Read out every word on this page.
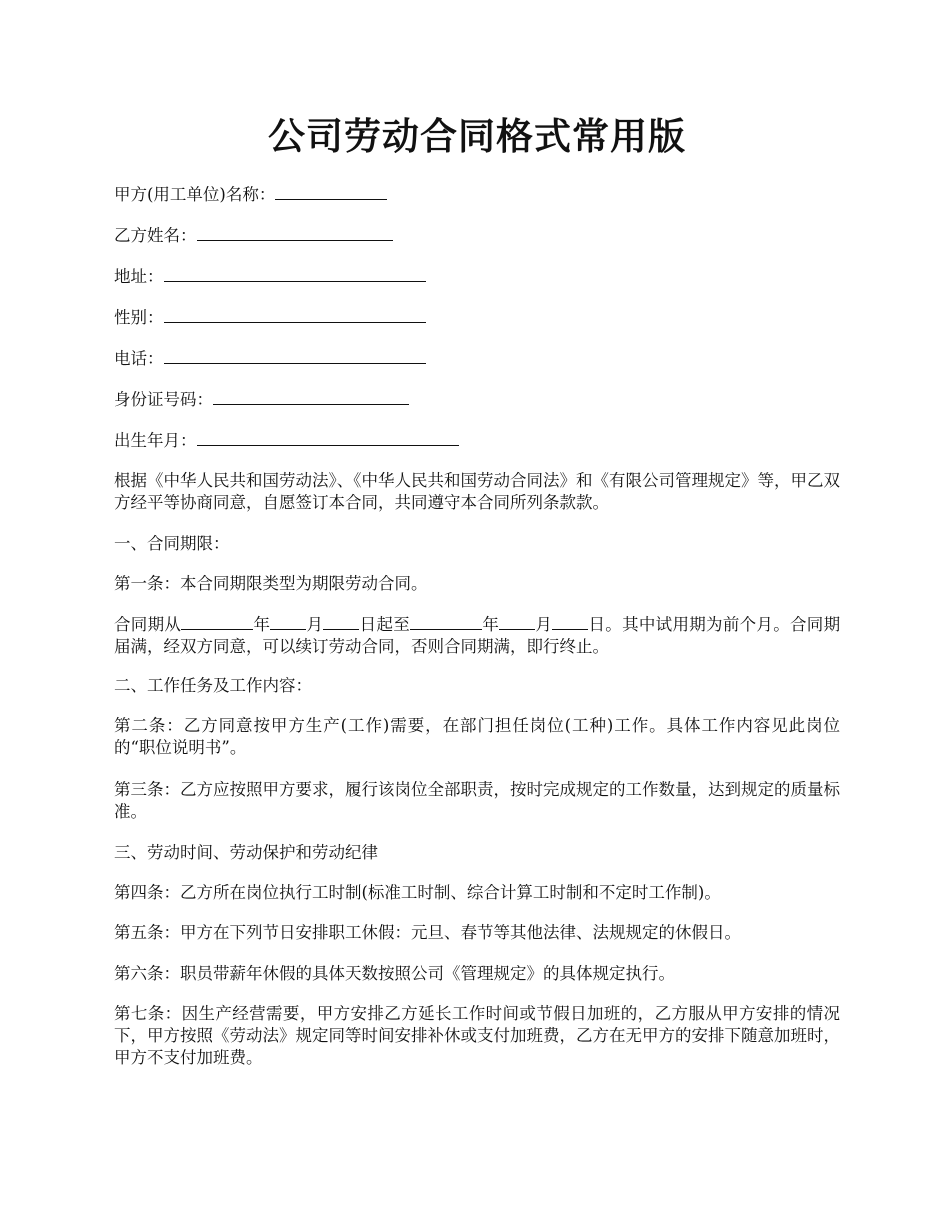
公司劳动合同格式常用版
甲方(用工单位)名称：
乙方姓名：
地址：
性别：
电话：
身份证号码：
出生年月：

根据《中华人民共和国劳动法》、《中华人民共和国劳动合同法》和《有限公司管理规定》等，甲乙双方经平等协商同意，自愿签订本合同，共同遵守本合同所列条款款。

一、合同期限：

第一条：本合同期限类型为期限劳动合同。

合同期从	年 月 日起至	年 月 日。其中试用期为前个月。合同期届满，经双方同意，可以续订劳动合同，否则合同期满，即行终止。

二、工作任务及工作内容：

第二条：乙方同意按甲方生产(工作)需要，在部门担任岗位(工种)工作。具体工作内容见此岗位的“职位说明书”。

第三条：乙方应按照甲方要求，履行该岗位全部职责，按时完成规定的工作数量，达到规定的质量标准。

三、劳动时间、劳动保护和劳动纪律

第四条：乙方所在岗位执行工时制(标准工时制、综合计算工时制和不定时工作制)。

第五条：甲方在下列节日安排职工休假：元旦、春节等其他法律、法规规定的休假日。

第六条：职员带薪年休假的具体天数按照公司《管理规定》的具体规定执行。

第七条：因生产经营需要，甲方安排乙方延长工作时间或节假日加班的，乙方服从甲方安排的情况下，甲方按照《劳动法》规定同等时间安排补休或支付加班费，乙方在无甲方的安排下随意加班时，甲方不支付加班费。
